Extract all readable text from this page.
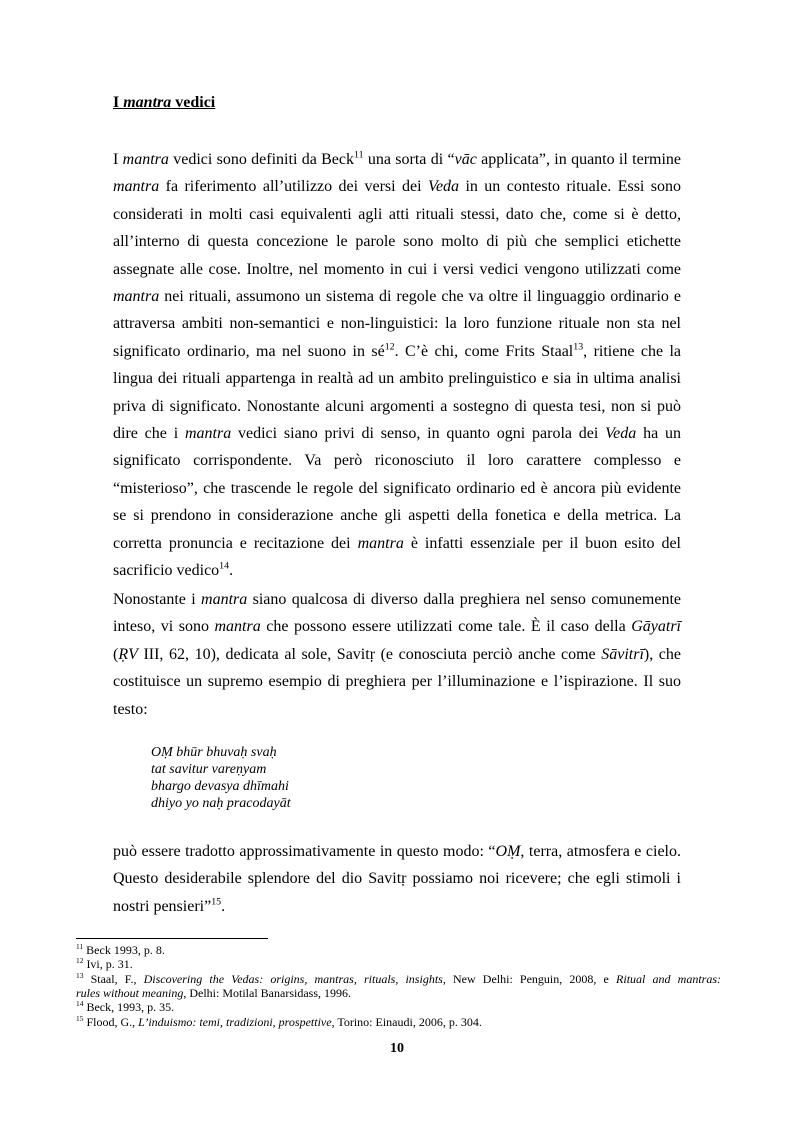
I mantra vedici
I mantra vedici sono definiti da Beck$^{11}$ una sorta di “vāc applicata”, in quanto il termine
mantra fa riferimento all’utilizzo dei versi dei Veda in un contesto rituale. Essi sono
considerati in molti casi equivalenti agli atti rituali stessi, dato che, come si è detto,
all’interno di questa concezione le parole sono molto di più che semplici etichette
assegnate alle cose. Inoltre, nel momento in cui i versi vedici vengono utilizzati come
mantra nei rituali, assumono un sistema di regole che va oltre il linguaggio ordinario e
attraversa ambiti non-semantici e non-linguistici: la loro funzione rituale non sta nel
significato ordinario, ma nel suono in $sé^{12}$. C’è chi, come Frits Staal$^{13}$, ritiene che la
lingua dei rituali appartenga in realtà ad un ambito prelinguistico e sia in ultima analisi
priva di significato. Nonostante alcuni argomenti a sostegno di questa tesi, non si può
dire che i mantra vedici siano privi di senso, in quanto ogni parola dei Veda ha un
significato corrispondente. Va però riconosciuto il loro carattere complesso e
“misterioso”, che trascende le regole del significato ordinario ed è ancora più evidente
se si prendono in considerazione anche gli aspetti della fonetica e della metrica. La
corretta pronuncia e recitazione dei mantra è infatti essenziale per il buon esito del
sacrificio vedico$^{14}$.
Nonostante i mantra siano qualcosa di diverso dalla preghiera nel senso comunemente
inteso, vi sono mantra che possono essere utilizzati come tale. È il caso della Gāyatrī
(ṚV III, 62, 10), dedicata al sole, Savitṛ (e conosciuta perciò anche come Sāvitrī), che
costituisce un supremo esempio di preghiera per l’illuminazione e l’ispirazione. Il suo
testo:
OṂ bhūr bhuvaḥ svaḥ
tat savitur vareṇyam
bhargo devasya dhīmahi
dhiyo yo naḥ pracodayāt
può essere tradotto approssimativamente in questo modo: “OṂ, terra, atmosfera e cielo.
Questo desiderabile splendore del dio Savitṛ possiamo noi ricevere; che egli stimoli i
nostri pensieri”$^{15}$.
$^{11}$ Beck 1993, p. 8.
$^{12}$ Ivi, p. 31.
$^{13}$ Staal, F., Discovering the Vedas: origins, mantras, rituals, insights, New Delhi: Penguin, 2008, e Ritual and mantras:
rules without meaning, Delhi: Motilal Banarsidass, 1996.
$^{14}$ Beck, 1993, p. 35.
$^{15}$ Flood, G., L’induismo: temi, tradizioni, prospettive, Torino: Einaudi, 2006, p. 304.
10
